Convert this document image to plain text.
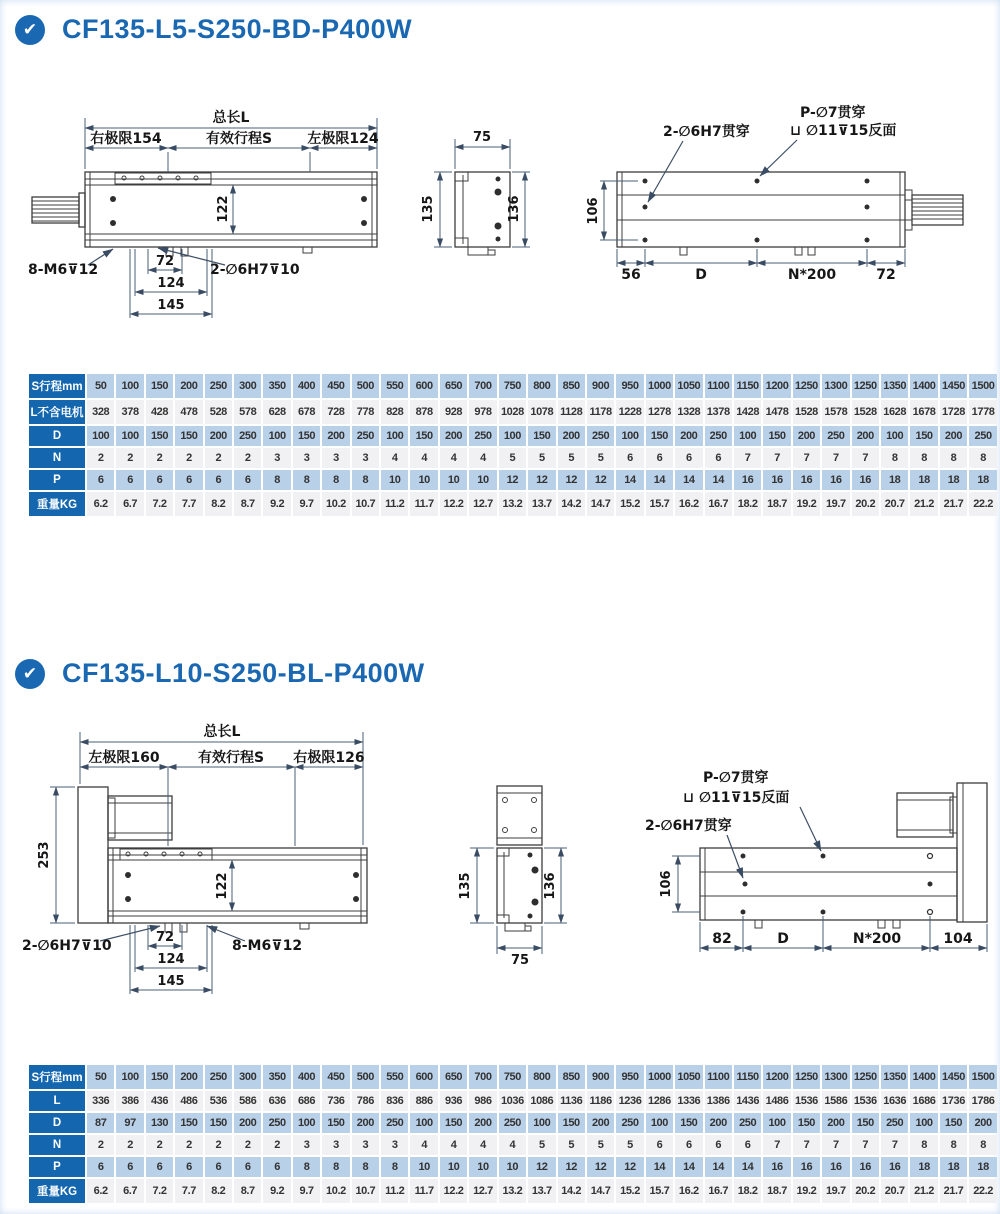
✔ CF135-L5-S250-BD-P400W
总长L
右极限154	有效行程S	左极限124
122
72
124
145
8-M6⊽12	2-∅6H7⊽10
75
135	136
2-∅6H7贯穿
P-∅7贯穿
⊔ ∅11⊽15反面
106
56	D	N*200	72
S行程mm	50	100	150	200	250	300	350	400	450	500	550	600	650	700	750	800	850	900	950	1000	1050	1100	1150	1200	1250	1300	1250	1350	1400	1450	1500
L不含电机	328	378	428	478	528	578	628	678	728	778	828	878	928	978	1028	1078	1128	1178	1228	1278	1328	1378	1428	1478	1528	1578	1528	1628	1678	1728	1778
D	100	100	150	150	200	250	100	150	200	250	100	150	200	250	100	150	200	250	100	150	200	250	100	150	200	250	200	100	150	200	250
N	2	2	2	2	2	2	3	3	3	3	4	4	4	4	5	5	5	5	6	6	6	6	7	7	7	7	7	8	8	8	8
P	6	6	6	6	6	6	8	8	8	8	10	10	10	10	12	12	12	12	14	14	14	14	16	16	16	16	16	18	18	18	18
重量KG	6.2	6.7	7.2	7.7	8.2	8.7	9.2	9.7	10.2	10.7	11.2	11.7	12.2	12.7	13.2	13.7	14.2	14.7	15.2	15.7	16.2	16.7	18.2	18.7	19.2	19.7	20.2	20.7	21.2	21.7	22.2
✔ CF135-L10-S250-BL-P400W
总长L
左极限160	有效行程S 右极限126
253
122
72
124
145
2-∅6H7⊽10	8-M6⊽12
135	136
75
P-∅7贯穿
⊔ ∅11⊽15反面
2-∅6H7贯穿
106
82	D	N*200	104
S行程mm	50	100	150	200	250	300	350	400	450	500	550	600	650	700	750	800	850	900	950	1000	1050	1100	1150	1200	1250	1300	1250	1350	1400	1450	1500
L	336	386	436	486	536	586	636	686	736	786	836	886	936	986	1036	1086	1136	1186	1236	1286	1336	1386	1436	1486	1536	1586	1536	1636	1686	1736	1786
D	87	97	130	150	150	200	250	100	150	200	250	100	150	200	250	100	150	200	250	100	150	200	250	100	150	200	150	250	100	150	200
N	2	2	2	2	2	2	2	3	3	3	3	4	4	4	4	5	5	5	5	6	6	6	6	7	7	7	7	7	8	8	8
P	6	6	6	6	6	6	6	8	8	8	8	10	10	10	10	12	12	12	12	14	14	14	14	16	16	16	16	16	18	18	18
重量KG	6.2	6.7	7.2	7.7	8.2	8.7	9.2	9.7	10.2	10.7	11.2	11.7	12.2	12.7	13.2	13.7	14.2	14.7	15.2	15.7	16.2	16.7	18.2	18.7	19.2	19.7	20.2	20.7	21.2	21.7	22.2
